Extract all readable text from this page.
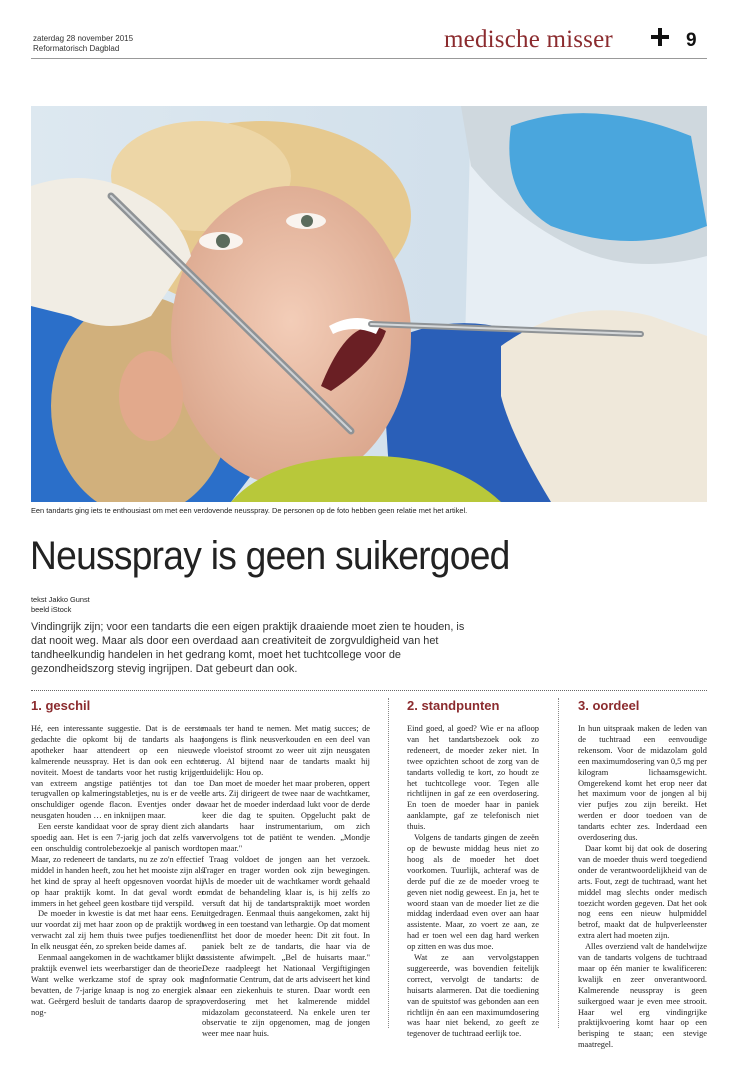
zaterdag 28 november 2015
Reformatorisch Dagblad	medische misser	9
Een tandarts ging iets te enthousiast om met een verdovende neusspray. De personen op de foto hebben geen relatie met het artikel.
Neusspray is geen suikergoed
tekst Jakko Gunst
beeld iStock
Vindingrijk zijn; voor een tandarts die een eigen praktijk draaiende moet zien te houden, is dat nooit weg. Maar als door een overdaad aan creativiteit de zorgvuldigheid van het tandheelkundig handelen in het gedrang komt, moet het tuchtcollege voor de gezondheidszorg stevig ingrijpen. Dat gebeurt dan ook.
1. geschil

Hé, een interessante suggestie. Dat is de eerste gedachte die opkomt bij de tandarts als haar apotheker haar attendeert op een nieuwe, kalmerende neusspray. Het is dan ook een echte noviteit. Moest de tandarts voor het rustig krijgen van extreem angstige patiëntjes tot dan toe terugvallen op kalmeringstabletjes, nu is er de veel onschuldiger ogende flacon. Eventjes onder de neusgaten houden … en inknijpen maar.

Een eerste kandidaat voor de spray dient zich al spoedig aan. Het is een 7-jarig joch dat zelfs van een onschuldig controlebezoekje al panisch wordt. Maar, zo redeneert de tandarts, nu ze zo'n effectief middel in handen heeft, zou het het mooiste zijn als het kind de spray al heeft opgesnoven voordat hij op haar praktijk komt. In dat geval wordt er immers in het geheel geen kostbare tijd verspild.

De moeder in kwestie is dat met haar eens. Een uur voordat zij met haar zoon op de praktijk wordt verwacht zal zij hem thuis twee pufjes toedienen. In elk neusgat één, zo spreken beide dames af.

Eenmaal aangekomen in de wachtkamer blijkt de praktijk evenwel iets weerbarstiger dan de theorie. Want welke werkzame stof de spray ook mag bevatten, de 7-jarige knaap is nog zo energiek als wat. Geërgerd besluit de tandarts daarop de spray nog-

maals ter hand te nemen. Met matig succes; de jongens is flink neusverkouden en een deel van de vloeistof stroomt zo weer uit zijn neusgaten terug. Al bijtend naar de tandarts maakt hij duidelijk: Hou op.

Dan moet de moeder het maar proberen, oppert de arts. Zij dirigeert de twee naar de wachtkamer, waar het de moeder inderdaad lukt voor de derde keer die dag te spuiten. Opgelucht pakt de tandarts haar instrumentarium, om zich vervolgens tot de patiënt te wenden. „Mondje open maar."

Traag voldoet de jongen aan het verzoek. Trager en trager worden ook zijn bewegingen. Als de moeder uit de wachtkamer wordt gehaald omdat de behandeling klaar is, is hij zelfs zo versuft dat hij de tandartspraktijk moet worden uitgedragen. Eenmaal thuis aangekomen, zakt hij weg in een toestand van lethargie. Op dat moment flitst het door de moeder heen: Dit zit fout. In paniek belt ze de tandarts, die haar via de assistente afwimpelt. „Bel de huisarts maar." Deze raadpleegt het Nationaal Vergiftigingen Informatie Centrum, dat de arts adviseert het kind naar een ziekenhuis te sturen. Daar wordt een overdosering met het kalmerende middel midazolam geconstateerd. Na enkele uren ter observatie te zijn opgenomen, mag de jongen weer mee naar huis.

2. standpunten

Eind goed, al goed? Wie er na afloop van het tandartsbezoek ook zo redeneert, de moeder zeker niet. In twee opzichten schoot de zorg van de tandarts volledig te kort, zo houdt ze het tuchtcollege voor. Tegen alle richtlijnen in gaf ze een overdosering. En toen de moeder haar in paniek aanklampte, gaf ze telefonisch niet thuis.

Volgens de tandarts gingen de zeeën op de bewuste middag heus niet zo hoog als de moeder het doet voorkomen. Tuurlijk, achteraf was de derde puf die ze de moeder vroeg te geven niet nodig geweest. En ja, het te woord staan van de moeder liet ze die middag inderdaad even over aan haar assistente. Maar, zo voert ze aan, ze had er toen wel een dag hard werken op zitten en was dus moe.

Wat ze aan vervolgstappen suggereerde, was bovendien feitelijk correct, vervolgt de tandarts: de huisarts alarmeren. Dat die toediening van de spuitstof was gebonden aan een richtlijn én aan een maximumdosering was haar niet bekend, zo geeft ze tegenover de tuchtraad eerlijk toe.

3. oordeel

In hun uitspraak maken de leden van de tuchtraad een eenvoudige rekensom. Voor de midazolam gold een maximumdosering van 0,5 mg per kilogram lichaamsgewicht. Omgerekend komt het erop neer dat het maximum voor de jongen al bij vier pufjes zou zijn bereikt. Het werden er door toedoen van de tandarts echter zes. Inderdaad een overdosering dus.

Daar komt bij dat ook de dosering van de moeder thuis werd toegediend onder de verantwoordelijkheid van de arts. Fout, zegt de tuchtraad, want het middel mag slechts onder medisch toezicht worden gegeven. Dat het ook nog eens een nieuw hulpmiddel betrof, maakt dat de hulpverleenster extra alert had moeten zijn.

Alles overziend valt de handelwijze van de tandarts volgens de tuchtraad maar op één manier te kwalificeren: kwalijk en zeer onverantwoord. Kalmerende neusspray is geen suikergoed waar je even mee strooit. Haar wel erg vindingrijke praktijkvoering komt haar op een berisping te staan; een stevige maatregel.
